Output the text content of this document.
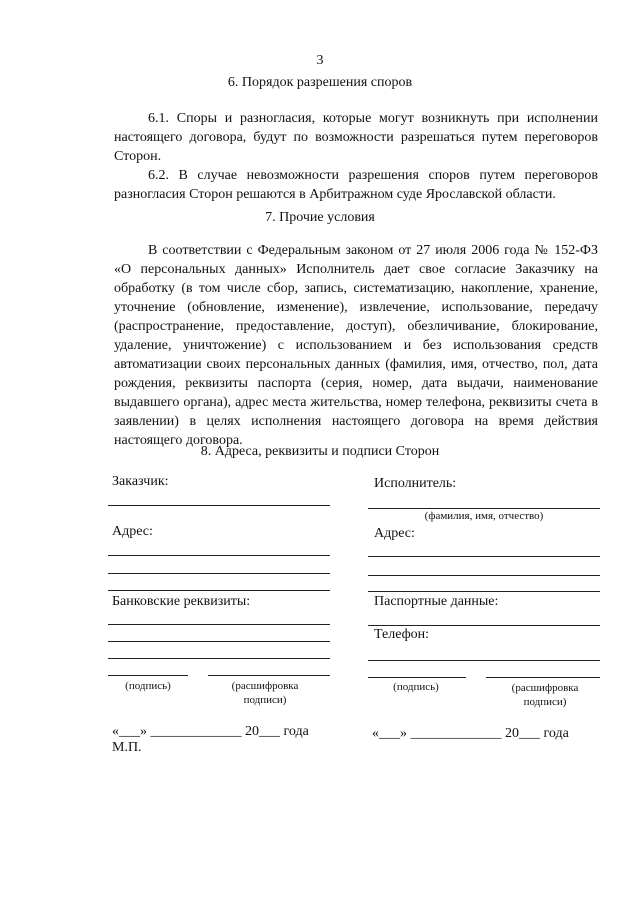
3
6. Порядок разрешения споров

6.1. Споры и разногласия, которые могут возникнуть при исполнении настоящего договора, будут по возможности разрешаться путем переговоров Сторон.

6.2. В случае невозможности разрешения споров путем переговоров разногласия Сторон решаются в Арбитражном суде Ярославской области.

7. Прочие условия

В соответствии с Федеральным законом от 27 июля 2006 года № 152-ФЗ «О персональных данных» Исполнитель дает свое согласие Заказчику на обработку (в том числе сбор, запись, систематизацию, накопление, хранение, уточнение (обновление, изменение), извлечение, использование, передачу (распространение, предоставление, доступ), обезличивание, блокирование, удаление, уничтожение) с использованием и без использования средств автоматизации своих персональных данных (фамилия, имя, отчество, пол, дата рождения, реквизиты паспорта (серия, номер, дата выдачи, наименование выдавшего органа), адрес места жительства, номер телефона, реквизиты счета в заявлении) в целях исполнения настоящего договора на время действия настоящего договора.

8. Адреса, реквизиты и подписи Сторон
Заказчик:
Адрес:
Банковские реквизиты:
(подпись)	(расшифровка подписи)
«___» _____________ 20___ года
М.П.
Исполнитель:
(фамилия, имя, отчество)
Адрес:
Паспортные данные:
Телефон:
(подпись)	(расшифровка подписи)
«___» _____________ 20___ года
